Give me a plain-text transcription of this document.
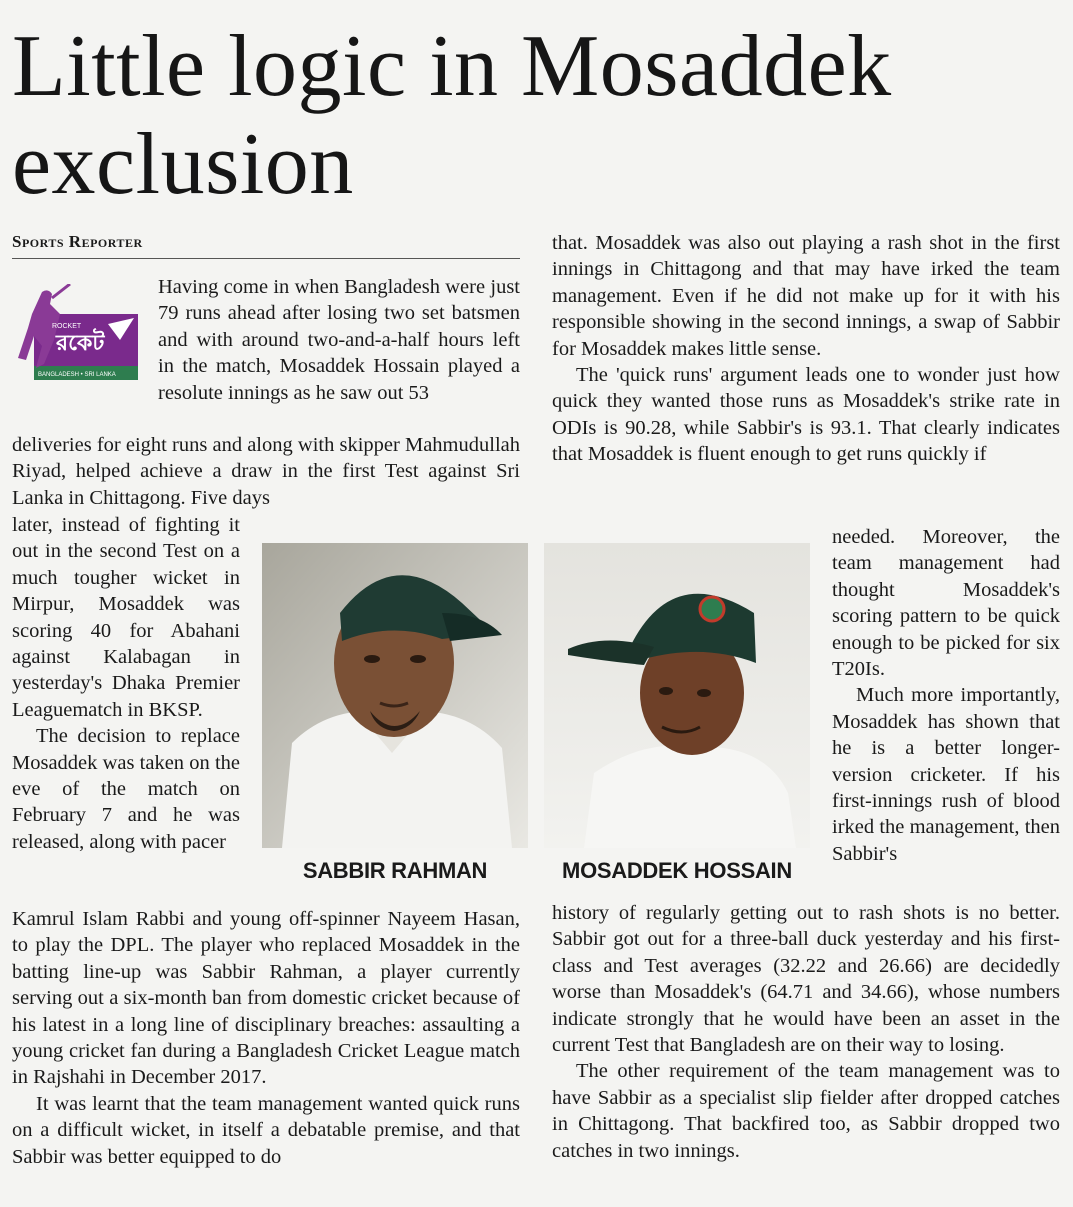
Little logic in Mosaddek exclusion
Sports Reporter
ROCKET
রকেট
BANGLADESH • SRI LANKA

Having come in when Bangladesh were just 79 runs ahead after losing two set batsmen and with around two-and-a-half hours left in the match, Mosaddek Hossain played a resolute innings as he saw out 53

deliveries for eight runs and along with skipper Mahmudullah Riyad, helped achieve a draw in the first Test against Sri Lanka in Chittagong. Five days

later, instead of fighting it out in the second Test on a much tougher wicket in Mirpur, Mosaddek was scoring 40 for Abahani against Kalabagan in yesterday's Dhaka Premier Leaguematch in BKSP.

The decision to replace Mosaddek was taken on the eve of the match on February 7 and he was released, along with pacer

Kamrul Islam Rabbi and young off-spinner Nayeem Hasan, to play the DPL. The player who replaced Mosaddek in the batting line-up was Sabbir Rahman, a player currently serving out a six-month ban from domestic cricket because of his latest in a long line of disciplinary breaches: assaulting a young cricket fan during a Bangladesh Cricket League match in Rajshahi in December 2017.

It was learnt that the team management wanted quick runs on a difficult wicket, in itself a debatable premise, and that Sabbir was better equipped to do

that. Mosaddek was also out playing a rash shot in the first innings in Chittagong and that may have irked the team management. Even if he did not make up for it with his responsible showing in the second innings, a swap of Sabbir for Mosaddek makes little sense.

The 'quick runs' argument leads one to wonder just how quick they wanted those runs as Mosaddek's strike rate in ODIs is 90.28, while Sabbir's is 93.1. That clearly indicates that Mosaddek is fluent enough to get runs quickly if

needed. Moreover, the team management had thought Mosaddek's scoring pattern to be quick enough to be picked for six T20Is.

Much more importantly, Mosaddek has shown that he is a better longer-version cricketer. If his first-innings rush of blood irked the management, then Sabbir's

history of regularly getting out to rash shots is no better. Sabbir got out for a three-ball duck yesterday and his first-class and Test averages (32.22 and 26.66) are decidedly worse than Mosaddek's (64.71 and 34.66), whose numbers indicate strongly that he would have been an asset in the current Test that Bangladesh are on their way to losing.

The other requirement of the team management was to have Sabbir as a specialist slip fielder after dropped catches in Chittagong. That backfired too, as Sabbir dropped two catches in two innings.

SABBIR RAHMAN	MOSADDEK HOSSAIN
